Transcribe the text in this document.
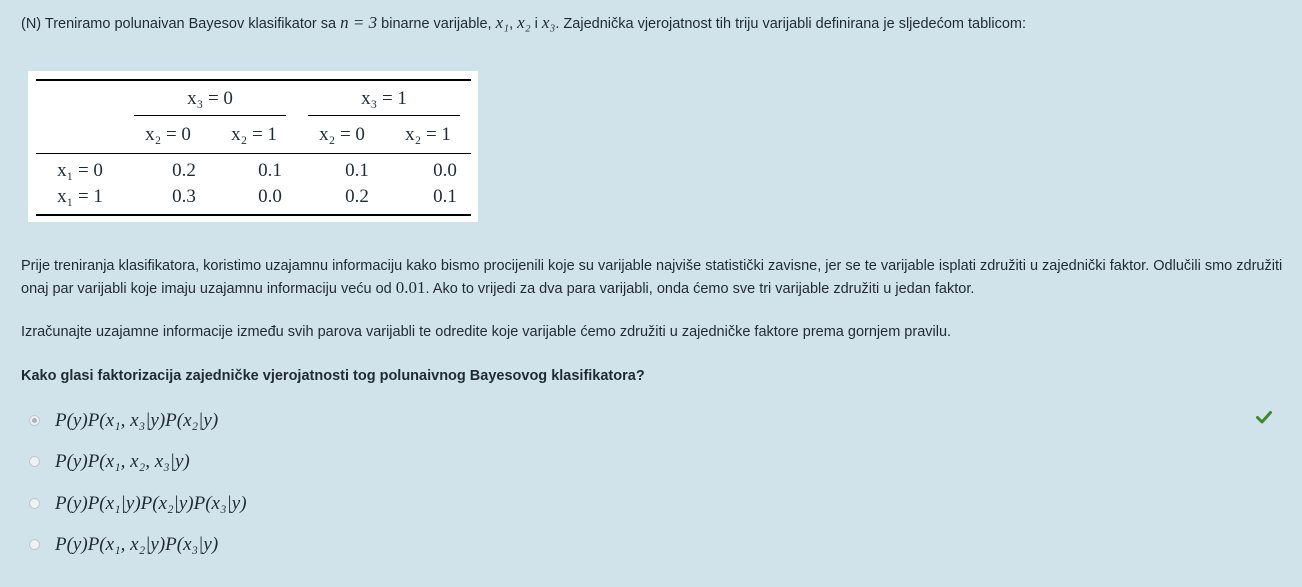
(N) Treniramo polunaivan Bayesov klasifikator sa n = 3 binarne varijable, x₁, x₂ i x₃. Zajednička vjerojatnost tih triju varijabli definirana je sljedećom tablicom:
x₃ = 0	x₃ = 1
x₂ = 0	x₂ = 1	x₂ = 0	x₂ = 1
x₁ = 0	0.2	0.1	0.1	0.0
x₁ = 1	0.3	0.0	0.2	0.1
Prije treniranja klasifikatora, koristimo uzajamnu informaciju kako bismo procijenili koje su varijable najviše statistički zavisne, jer se te varijable isplati združiti u zajednički faktor. Odlučili smo združiti onaj par varijabli koje imaju uzajamnu informaciju veću od 0.01. Ako to vrijedi za dva para varijabli, onda ćemo sve tri varijable združiti u jedan faktor.
Izračunajte uzajamne informacije između svih parova varijabli te odredite koje varijable ćemo združiti u zajedničke faktore prema gornjem pravilu.
Kako glasi faktorizacija zajedničke vjerojatnosti tog polunaivnog Bayesovog klasifikatora?
P(y)P(x₁, x₃|y)P(x₂|y)
P(y)P(x₁, x₂, x₃|y)
P(y)P(x₁|y)P(x₂|y)P(x₃|y)
P(y)P(x₁, x₂|y)P(x₃|y)
